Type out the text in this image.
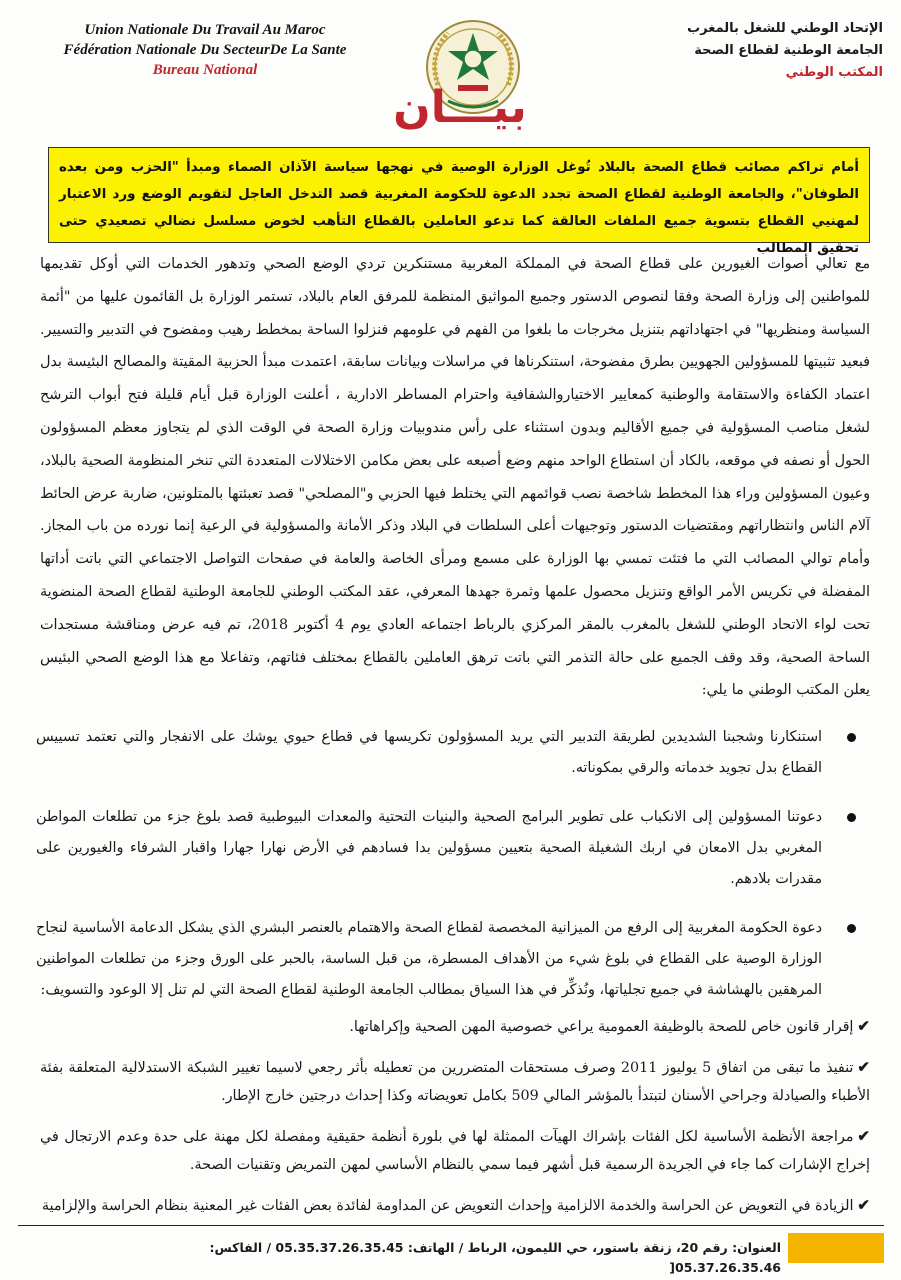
Union Nationale Du Travail Au Maroc
Fédération Nationale Du SecteurDe La Sante
Bureau National
بيـــان
الإتحاد الوطني للشغل بالمغرب
الجامعة الوطنية لقطاع الصحة
المكتب الوطني
أمام تراكم مصائب قطاع الصحة بالبلاد تُوغل الوزارة الوصية في نهجها سياسة الآذان الصماء ومبدأ "الحزب ومن بعده الطوفان"، والجامعة الوطنية لقطاع الصحة تجدد الدعوة للحكومة المغربية قصد التدخل العاجل لتقويم الوضع ورد الاعتبار لمهنيي القطاع بتسوية جميع الملفات العالقة كما تدعو العاملين بالقطاع التأهب لخوض مسلسل نضالي تصعيدي حتى تحقيق المطالب
مع تعالي أصوات الغيورين على قطاع الصحة في المملكة المغربية مستنكرين تردي الوضع الصحي وتدهور الخدمات التي أوكل تقديمها للمواطنين إلى وزارة الصحة وفقا لنصوص الدستور وجميع المواثيق المنظمة للمرفق العام بالبلاد، تستمر الوزارة بل القائمون عليها من "أئمة السياسة ومنظريها" في اجتهاداتهم بتنزيل مخرجات ما بلغوا من الفهم في علومهم فنزلوا الساحة بمخطط رهيب ومفضوح في التدبير والتسيير. فبعيد تثبيتها للمسؤولين الجهويين بطرق مفضوحة، استنكرناها في مراسلات وبيانات سابقة، اعتمدت مبدأ الحزبية المقيتة والمصالح البئيسة بدل اعتماد الكفاءة والاستقامة والوطنية كمعايير الاختياروالشفافية واحترام المساطر الادارية ، أعلنت الوزارة قبل أيام قليلة فتح أبواب الترشح لشغل مناصب المسؤولية في جميع الأقاليم وبدون استثناء على رأس مندوبيات وزارة الصحة في الوقت الذي لم يتجاوز معظم المسؤولون الحول أو نصفه في موقعه، بالكاد أن استطاع الواحد منهم وضع أصبعه على بعض مكامن الاختلالات المتعددة التي تنخر المنظومة الصحية بالبلاد، وعيون المسؤولين وراء هذا المخطط شاخصة نصب قوائمهم التي يختلط فيها الحزبي و"المصلحي" قصد تعبئتها بالمتلونين، ضاربة عرض الحائط آلام الناس وانتظاراتهم ومقتضيات الدستور وتوجيهات أعلى السلطات في البلاد وذكر الأمانة والمسؤولية في الرعية إنما نورده من باب المجاز. وأمام توالي المصائب التي ما فتئت تمسي بها الوزارة على مسمع ومرأى الخاصة والعامة في صفحات التواصل الاجتماعي التي باتت أداتها المفضلة في تكريس الأمر الواقع وتنزيل محصول علمها وثمرة جهدها المعرفي، عقد المكتب الوطني للجامعة الوطنية لقطاع الصحة المنضوية تحت لواء الاتحاد الوطني للشغل بالمغرب بالمقر المركزي بالرباط اجتماعه العادي يوم 4 أكتوبر 2018، تم فيه عرض ومناقشة مستجدات الساحة الصحية، وقد وقف الجميع على حالة التذمر التي باتت ترهق العاملين بالقطاع بمختلف فئاتهم، وتفاعلا مع هذا الوضع الصحي البئيس يعلن المكتب الوطني ما يلي:
استنكارنا وشجبنا الشديدين لطريقة التدبير التي يريد المسؤولون تكريسها في قطاع حيوي يوشك على الانفجار والتي تعتمد تسييس القطاع بدل تجويد خدماته والرقي بمكوناته.
دعوتنا المسؤولين إلى الانكباب على تطوير البرامج الصحية والبنيات التحتية والمعدات البيوطبية قصد بلوغ جزء من تطلعات المواطن المغربي بدل الامعان في اربك الشغيلة الصحية بتعيين مسؤولين بدا فسادهم في الأرض نهارا جهارا واقبار الشرفاء والغيورين على مقدرات بلادهم.
دعوة الحكومة المغربية إلى الرفع من الميزانية المخصصة لقطاع الصحة والاهتمام بالعنصر البشري الذي يشكل الدعامة الأساسية لنجاح الوزارة الوصية على القطاع في بلوغ شيء من الأهداف المسطرة، من قبل الساسة، بالحبر على الورق وجزء من تطلعات المواطنين المرهقين بالهشاشة في جميع تجلياتها، ونُذكِّر في هذا السياق بمطالب الجامعة الوطنية لقطاع الصحة التي لم تنل إلا الوعود والتسويف:
✔إقرار قانون خاص للصحة بالوظيفة العمومية يراعي خصوصية المهن الصحية وإكراهاتها.
✔تنفيذ ما تبقى من اتفاق 5 يوليوز 2011 وصرف مستحقات المتضررين من تعطيله بأثر رجعي لاسيما تغيير الشبكة الاستدلالية المتعلقة بفئة الأطباء والصيادلة وجراحي الأسنان لتبتدأ بالمؤشر المالي 509 بكامل تعويضاته وكذا إحداث درجتين خارج الإطار.
✔مراجعة الأنظمة الأساسية لكل الفئات بإشراك الهيآت الممثلة لها في بلورة أنظمة حقيقية ومفصلة لكل مهنة على حدة وعدم الارتجال في إخراج الإشارات كما جاء في الجريدة الرسمية قبل أشهر فيما سمي بالنظام الأساسي لمهن التمريض وتقنيات الصحة.
✔الزيادة في التعويض عن الحراسة والخدمة الالزامية وإحداث التعويض عن المداومة لفائدة بعض الفئات غير المعنية بنظام الحراسة والإلزامية
العنوان: رقم 20، زنقة باستور، حي الليمون، الرباط / الهاتف: 05.35.37.26.35.45 / الفاكس: 05.37.26.35.46[
